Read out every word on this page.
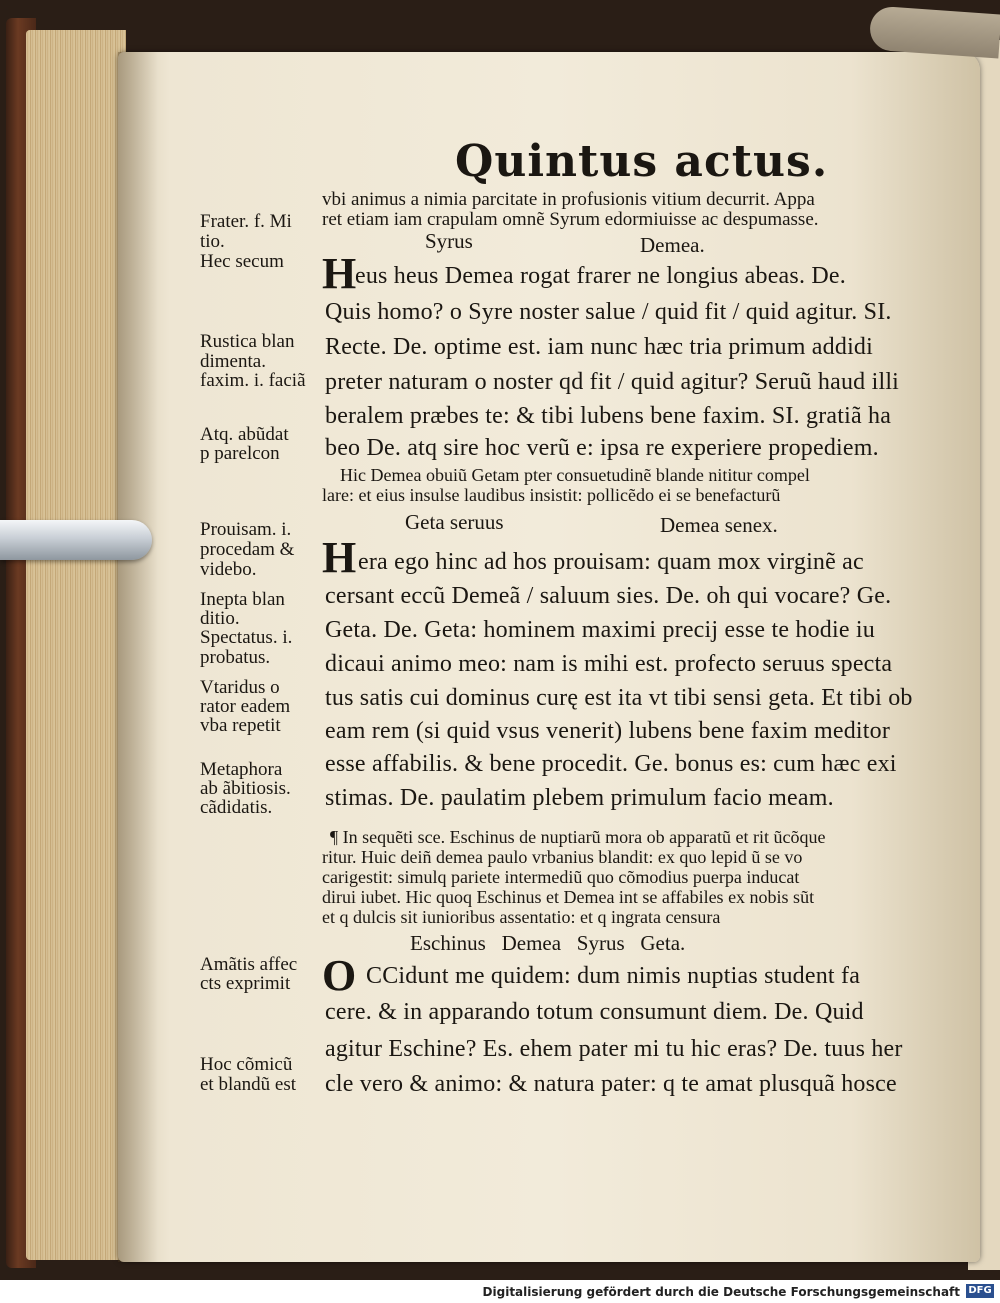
Quintus actus.
vbi animus a nimia parcitate in profusionis vitium decurrit. Appa
ret etiam iam crapulam omnẽ Syrum edormiuisse ac despumasse.
Syrus	Demea.
H
eus heus Demea rogat frarer ne longius abeas. De.
Quis homo? o Syre noster salue / quid fit / quid agitur. SI.
Recte. De. optime est. iam nunc hæc tria primum addidi
preter naturam o noster qd fit / quid agitur? Seruũ haud illi
beralem præbes te: & tibi lubens bene faxim. SI. gratiã ha
beo De. atq sire hoc verũ e: ipsa re experiere propediem.
Hic Demea obuiũ Getam pter consuetudinẽ blande nititur compel
lare: et eius insulse laudibus insistit: pollicẽdo ei se benefacturũ
Geta seruus	Demea senex.
H era ego hinc ad hos prouisam: quam mox virginẽ ac
cersant eccũ Demeã / saluum sies. De. oh qui vocare? Ge.
Geta. De. Geta: hominem maximi precij esse te hodie iu
dicaui animo meo: nam is mihi est. profecto seruus specta
tus satis cui dominus curę est ita vt tibi sensi geta. Et tibi ob
eam rem (si quid vsus venerit) lubens bene faxim meditor
esse affabilis. & bene procedit. Ge. bonus es: cum hæc exi
stimas. De. paulatim plebem primulum facio meam.
¶ In sequẽti sce. Eschinus de nuptiarũ mora ob apparatũ et rit ũcõque
ritur. Huic deiñ demea paulo vrbanius blandit: ex quo lepid ũ se vo
carigestit: simulq pariete intermediũ quo cõmodius puerpa inducat
dirui iubet. Hic quoq Eschinus et Demea int se affabiles ex nobis sũt
et q dulcis sit iunioribus assentatio: et q ingrata censura
Eschinus   Demea   Syrus   Geta.
O CCidunt me quidem: dum nimis nuptias student fa
cere. & in apparando totum consumunt diem. De. Quid
agitur Eschine? Es. ehem pater mi tu hic eras? De. tuus her
cle vero & animo: & natura pater: q te amat plusquã hosce
Frater. f. Mi
tio.
Hec secum
Rustica blan
dimenta.
faxim. i. faciã
Atq. abũdat
p parelcon
Prouisam. i.
procedam &
videbo.
Inepta blan
ditio.
Spectatus. i.
probatus.
Vtaridus o
rator eadem
vba repetit
Metaphora
ab ãbitiosis.
cãdidatis.
Amãtis affec
cts exprimit
Hoc cõmicũ
et blandũ est
Digitalisierung gefördert durch die Deutsche Forschungsgemeinschaft DFG
